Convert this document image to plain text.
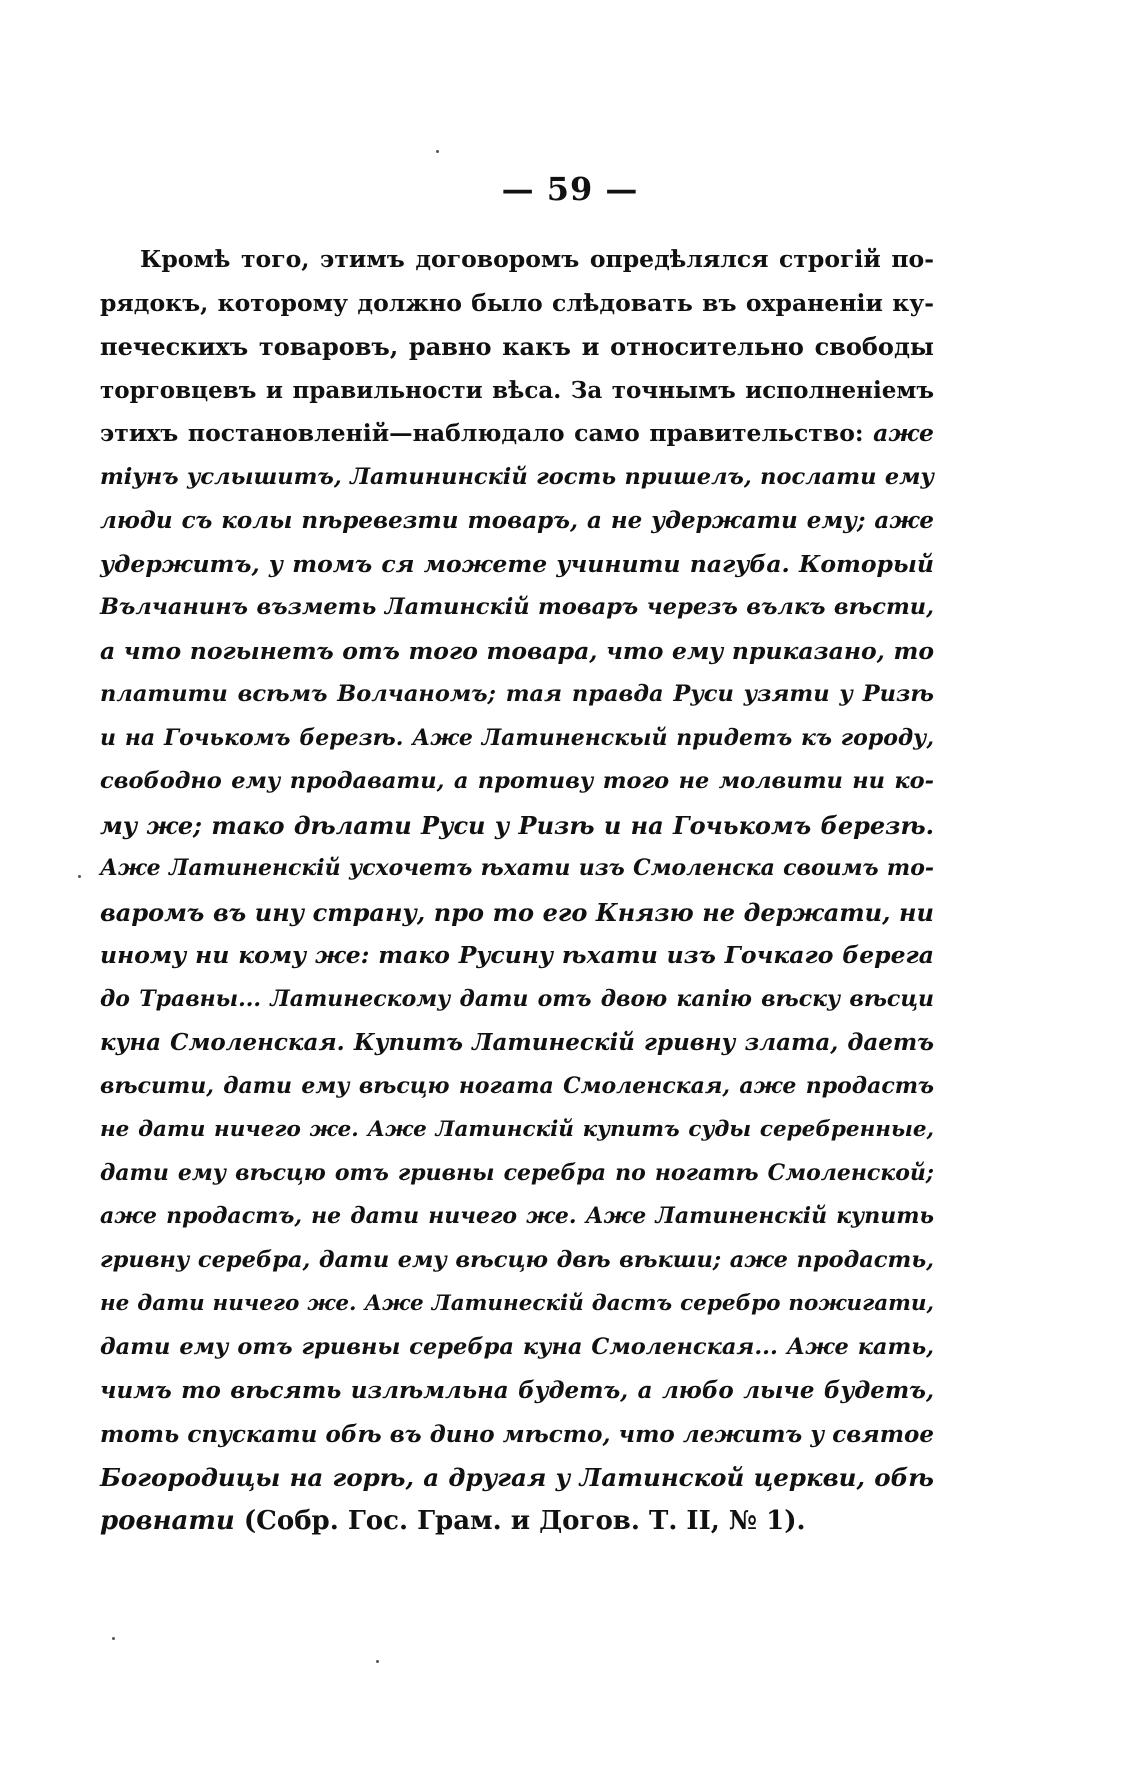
— 59 —
Кромѣ того, этимъ договоромъ опредѣлялся строгій по-
рядокъ, которому должно было слѣдовать въ охраненіи ку-
печескихъ товаровъ, равно какъ и относительно свободы
торговцевъ и правильности вѣса. За точнымъ исполненіемъ
этихъ постановленій—наблюдало само правительство: аже
тіунъ услышитъ, Латининскій гость пришелъ, послати ему
люди съ колы пѣревезти товаръ, а не удержати ему; аже
удержитъ, у томъ ся можете учинити пагуба. Который
Вълчанинъ възметь Латинскій товаръ черезъ вълкъ вѣсти,
а что погынетъ отъ того товара, что ему приказано, то
платити всѣмъ Волчаномъ; тая правда Руси узяти у Ризѣ
и на Гочькомъ березѣ. Аже Латиненскый придетъ къ городу,
свободно ему продавати, а противу того не молвити ни ко-
му же; тако дѣлати Руси у Ризѣ и на Гочькомъ березѣ.
Аже Латиненскій усхочетъ ѣхати изъ Смоленска своимъ то-
варомъ въ ину страну, про то его Князю не держати, ни
иному ни кому же: тако Русину ѣхати изъ Гочкаго берега
до Травны... Латинескому дати отъ двою капію вѣску вѣсци
куна Смоленская. Купитъ Латинескій гривну злата, даетъ
вѣсити, дати ему вѣсцю ногата Смоленская, аже продастъ
не дати ничего же. Аже Латинскій купитъ суды серебренные,
дати ему вѣсцю отъ гривны серебра по ногатѣ Смоленской;
аже продастъ, не дати ничего же. Аже Латиненскій купить
гривну серебра, дати ему вѣсцю двѣ вѣкши; аже продасть,
не дати ничего же. Аже Латинескій дастъ серебро пожигати,
дати ему отъ гривны серебра куна Смоленская... Аже кать,
чимъ то вѣсять излѣмльна будетъ, а любо лыче будетъ,
тоть спускати обѣ въ дино мѣсто, что лежитъ у святое
Богородицы на горѣ, а другая у Латинской церкви, обѣ
ровнати (Собр. Гос. Грам. и Догов. Т. II, № 1).
